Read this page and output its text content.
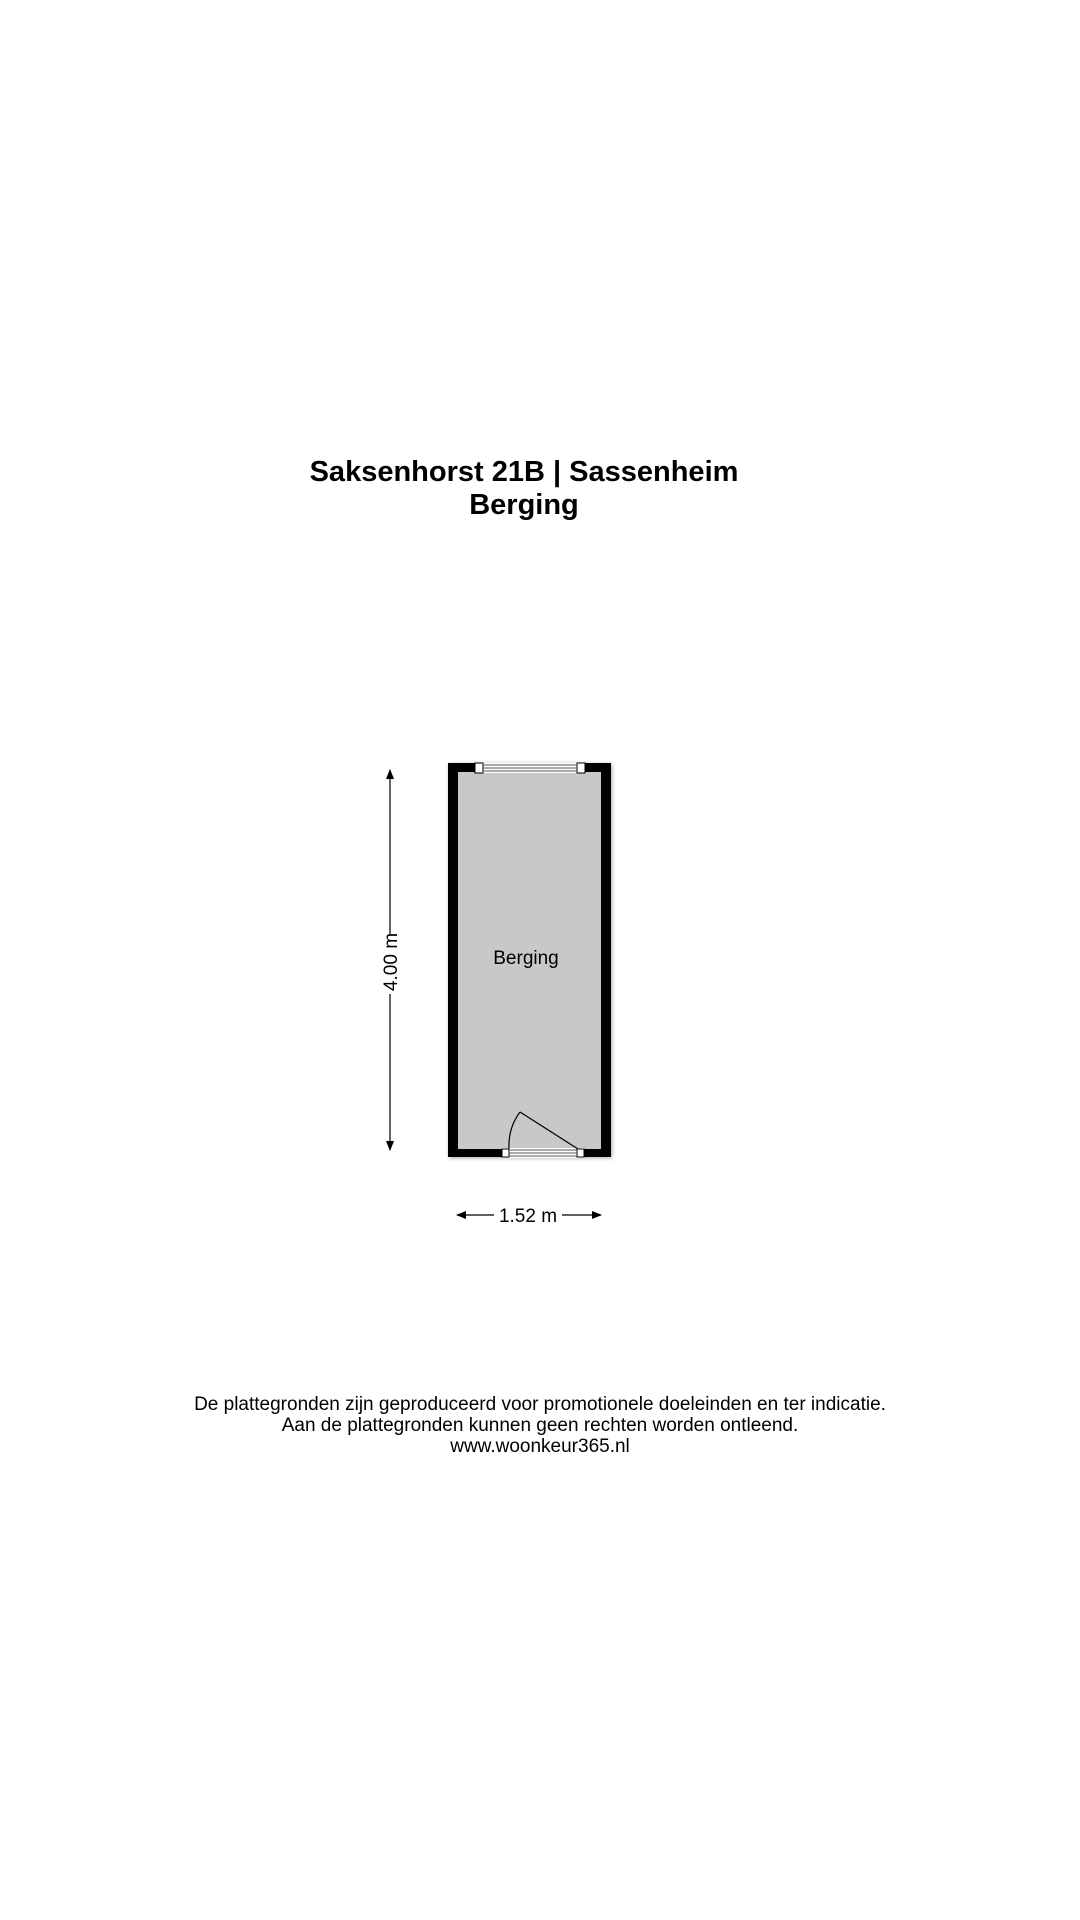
Saksenhorst 21B | Sassenheim
Berging
Berging
4.00 m
1.52 m
De plattegronden zijn geproduceerd voor promotionele doeleinden en ter indicatie.
Aan de plattegronden kunnen geen rechten worden ontleend.
www.woonkeur365.nl
